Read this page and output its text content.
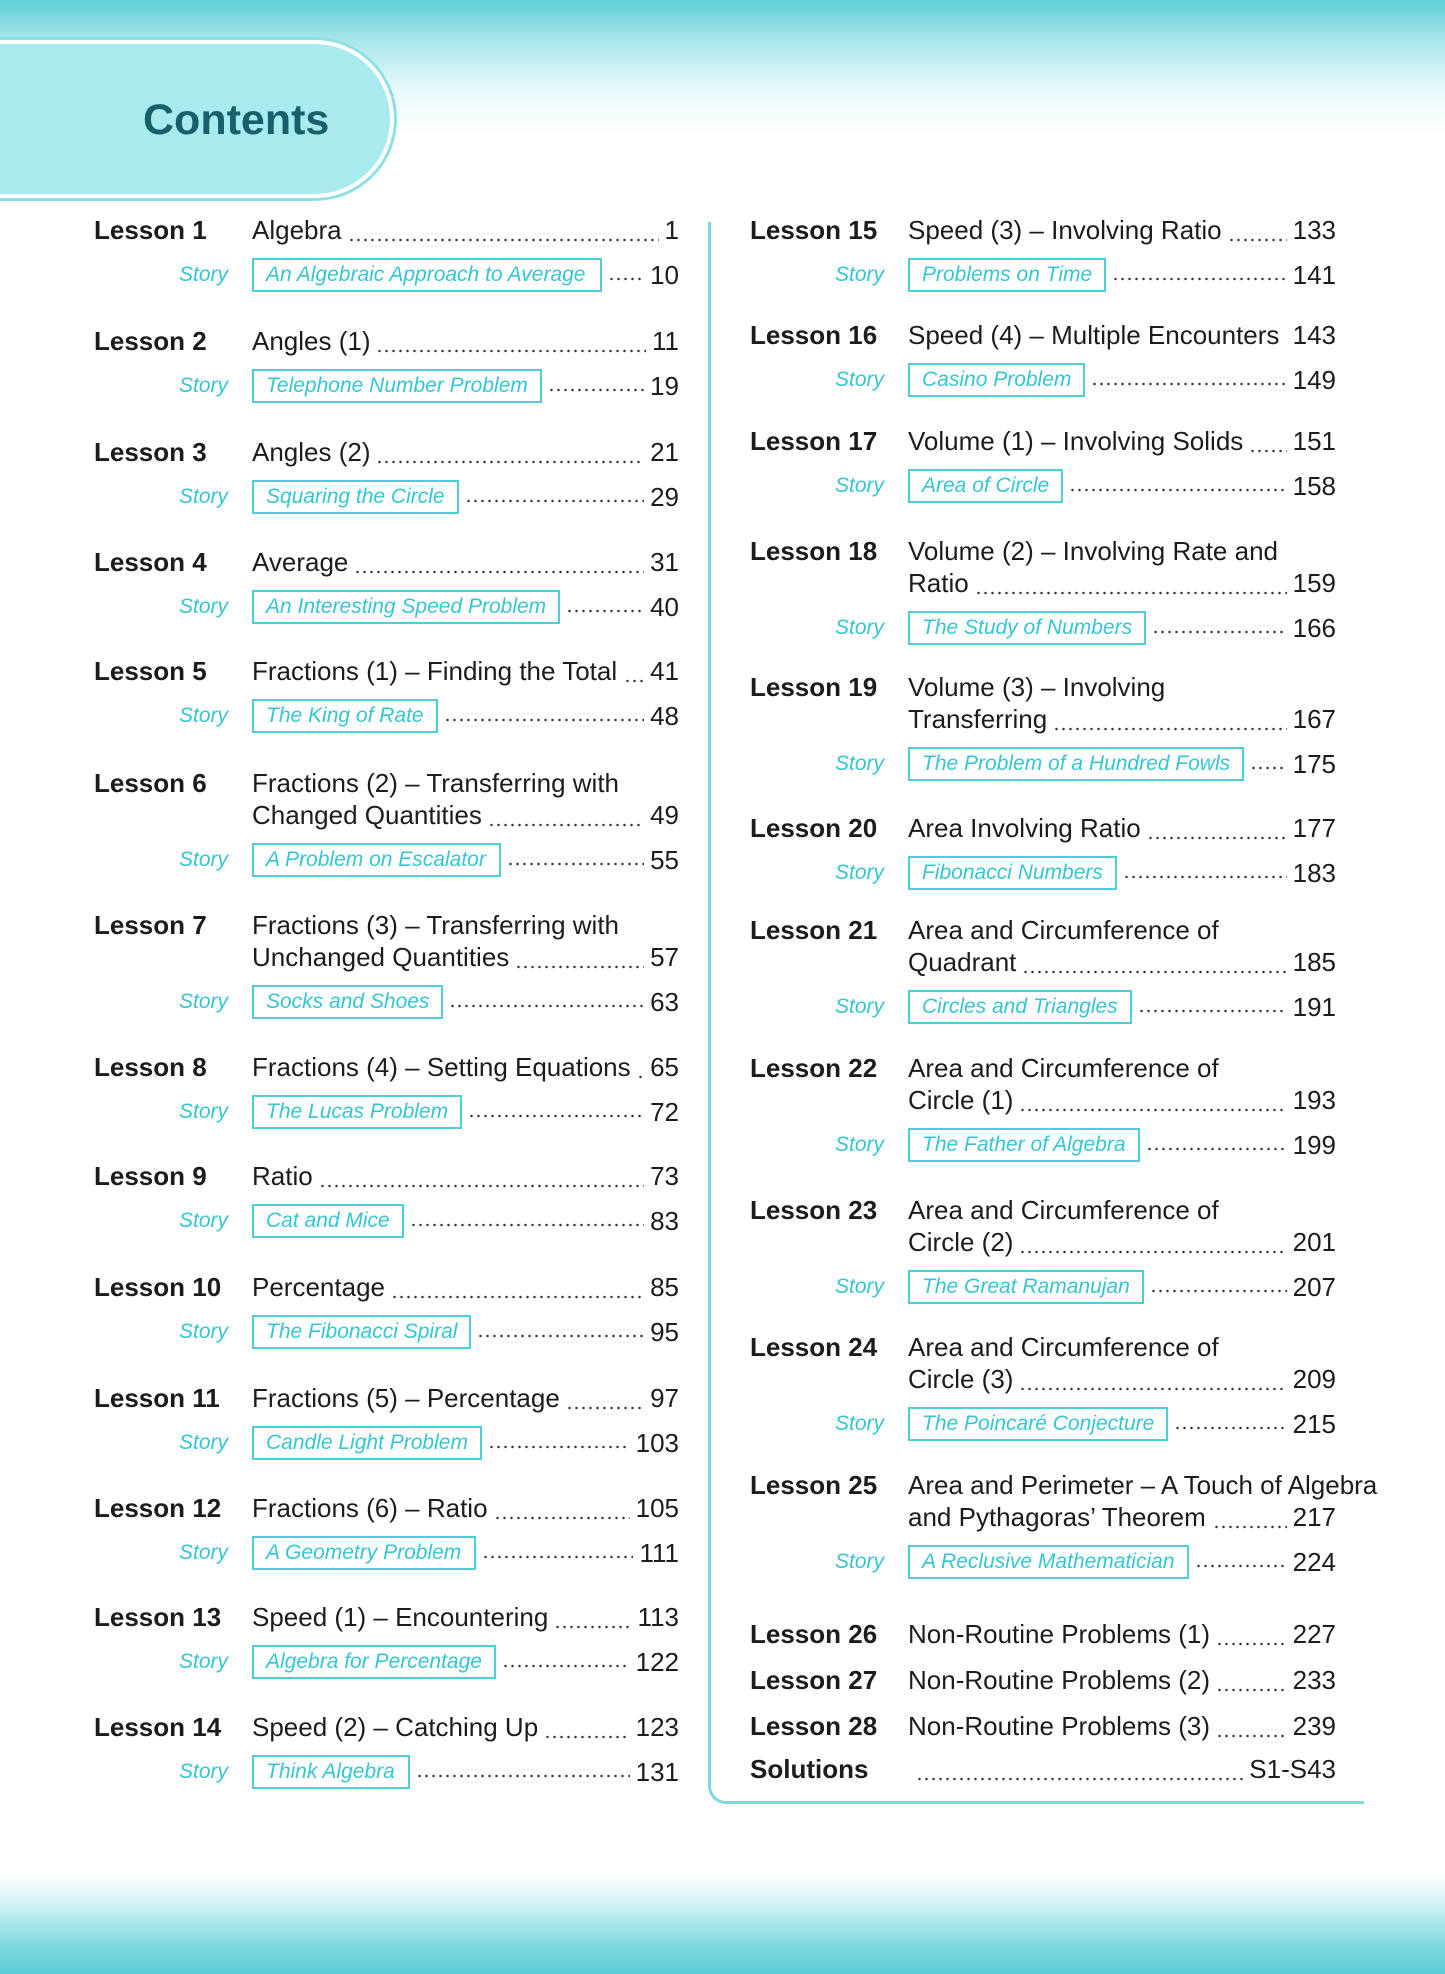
Contents
Lesson 1 Algebra	1
Story	An Algebraic Approach to Average	10
Lesson 2 Angles (1)	11
Story	Telephone Number Problem	19
Lesson 3 Angles (2)	21
Story	Squaring the Circle	29
Lesson 4 Average	31
Story	An Interesting Speed Problem	40
Lesson 5 Fractions (1) – Finding the Total 41
Story	The King of Rate	48
Lesson 6 Fractions (2) – Transferring with
Changed Quantities	49
Story	A Problem on Escalator	55
Lesson 7 Fractions (3) – Transferring with
Unchanged Quantities	57
Story	Socks and Shoes	63
Lesson 8 Fractions (4) – Setting Equations 65
Story	The Lucas Problem	72
Lesson 9 Ratio	73
Story	Cat and Mice	83
Lesson 10 Percentage	85
Story	The Fibonacci Spiral	95
Lesson 11 Fractions (5) – Percentage	97
Story	Candle Light Problem	103
Lesson 12 Fractions (6) – Ratio	105
Story	A Geometry Problem	111
Lesson 13 Speed (1) – Encountering	113
Story	Algebra for Percentage	122
Lesson 14 Speed (2) – Catching Up	123
Story	Think Algebra	131
Lesson 15 Speed (3) – Involving Ratio	133
Story	Problems on Time	141
Lesson 16 Speed (4) – Multiple Encounters 143
Story	Casino Problem	149
Lesson 17 Volume (1) – Involving Solids 151
Story	Area of Circle	158
Lesson 18 Volume (2) – Involving Rate and
Ratio	159
Story	The Study of Numbers	166
Lesson 19 Volume (3) – Involving
Transferring	167
Story	The Problem of a Hundred Fowls	175
Lesson 20 Area Involving Ratio	177
Story	Fibonacci Numbers	183
Lesson 21 Area and Circumference of
Quadrant	185
Story	Circles and Triangles	191
Lesson 22 Area and Circumference of
Circle (1)	193
Story	The Father of Algebra	199
Lesson 23 Area and Circumference of
Circle (2)	201
Story	The Great Ramanujan	207
Lesson 24 Area and Circumference of
Circle (3)	209
Story	The Poincaré Conjecture	215
Lesson 25 Area and Perimeter – A Touch of Algebra
and Pythagoras’ Theorem	217
Story	A Reclusive Mathematician	224
Lesson 26 Non-Routine Problems (1)	227
Lesson 27 Non-Routine Problems (2)	233
Lesson 28 Non-Routine Problems (3)	239
Solutions	S1-S43
